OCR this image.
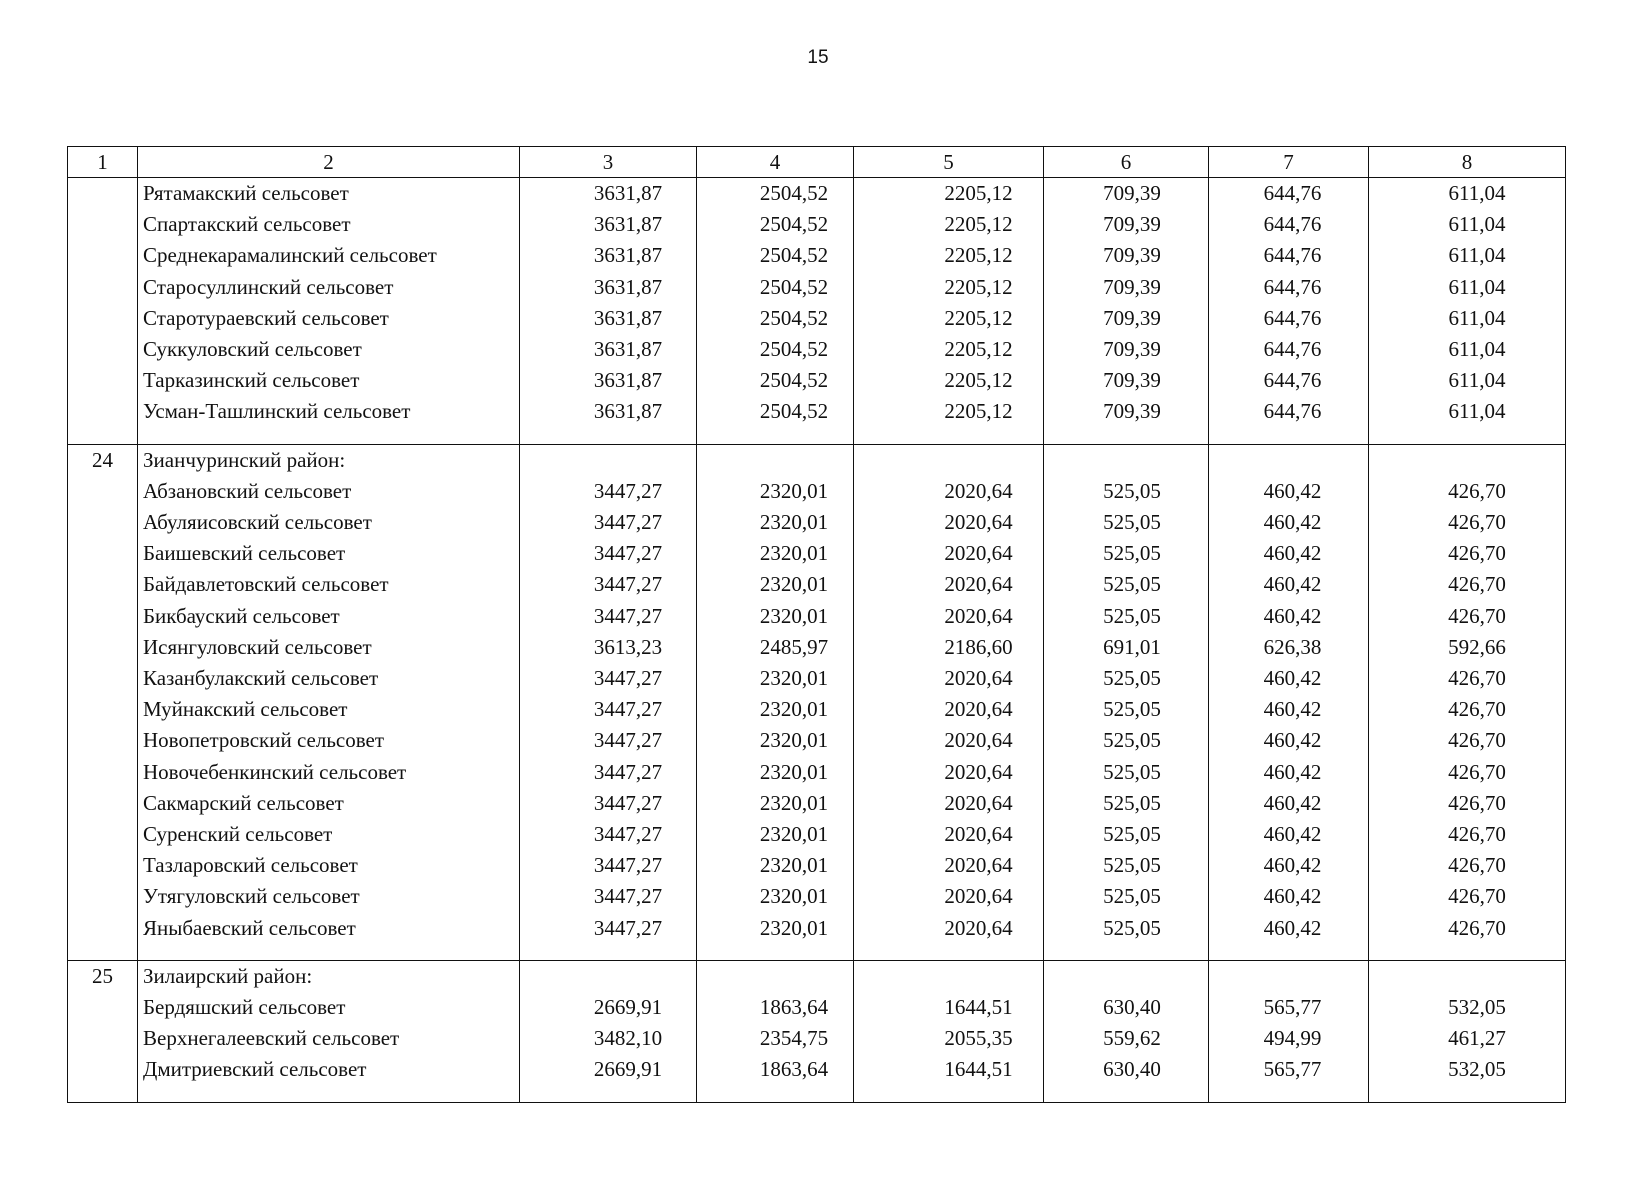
15
1	2	3	4	5	6	7	8
	Рятамакский сельсовет	3631,87	2504,52	2205,12	709,39	644,76	611,04
	Спартакский сельсовет	3631,87	2504,52	2205,12	709,39	644,76	611,04
	Среднекарамалинский сельсовет	3631,87	2504,52	2205,12	709,39	644,76	611,04
	Старосуллинский сельсовет	3631,87	2504,52	2205,12	709,39	644,76	611,04
	Старотураевский сельсовет	3631,87	2504,52	2205,12	709,39	644,76	611,04
	Суккуловский сельсовет	3631,87	2504,52	2205,12	709,39	644,76	611,04
	Тарказинский сельсовет	3631,87	2504,52	2205,12	709,39	644,76	611,04
	Усман-Ташлинский сельсовет	3631,87	2504,52	2205,12	709,39	644,76	611,04

24	Зианчуринский район:						
	Абзановский сельсовет	3447,27	2320,01	2020,64	525,05	460,42	426,70
	Абуляисовский сельсовет	3447,27	2320,01	2020,64	525,05	460,42	426,70
	Баишевский сельсовет	3447,27	2320,01	2020,64	525,05	460,42	426,70
	Байдавлетовский сельсовет	3447,27	2320,01	2020,64	525,05	460,42	426,70
	Бикбауский сельсовет	3447,27	2320,01	2020,64	525,05	460,42	426,70
	Исянгуловский сельсовет	3613,23	2485,97	2186,60	691,01	626,38	592,66
	Казанбулакский сельсовет	3447,27	2320,01	2020,64	525,05	460,42	426,70
	Муйнакский сельсовет	3447,27	2320,01	2020,64	525,05	460,42	426,70
	Новопетровский сельсовет	3447,27	2320,01	2020,64	525,05	460,42	426,70
	Новочебенкинский сельсовет	3447,27	2320,01	2020,64	525,05	460,42	426,70
	Сакмарский сельсовет	3447,27	2320,01	2020,64	525,05	460,42	426,70
	Суренский сельсовет	3447,27	2320,01	2020,64	525,05	460,42	426,70
	Тазларовский сельсовет	3447,27	2320,01	2020,64	525,05	460,42	426,70
	Утягуловский сельсовет	3447,27	2320,01	2020,64	525,05	460,42	426,70
	Яныбаевский сельсовет	3447,27	2320,01	2020,64	525,05	460,42	426,70

25	Зилаирский район:						
	Бердяшский сельсовет	2669,91	1863,64	1644,51	630,40	565,77	532,05
	Верхнегалеевский сельсовет	3482,10	2354,75	2055,35	559,62	494,99	461,27
	Дмитриевский сельсовет	2669,91	1863,64	1644,51	630,40	565,77	532,05
